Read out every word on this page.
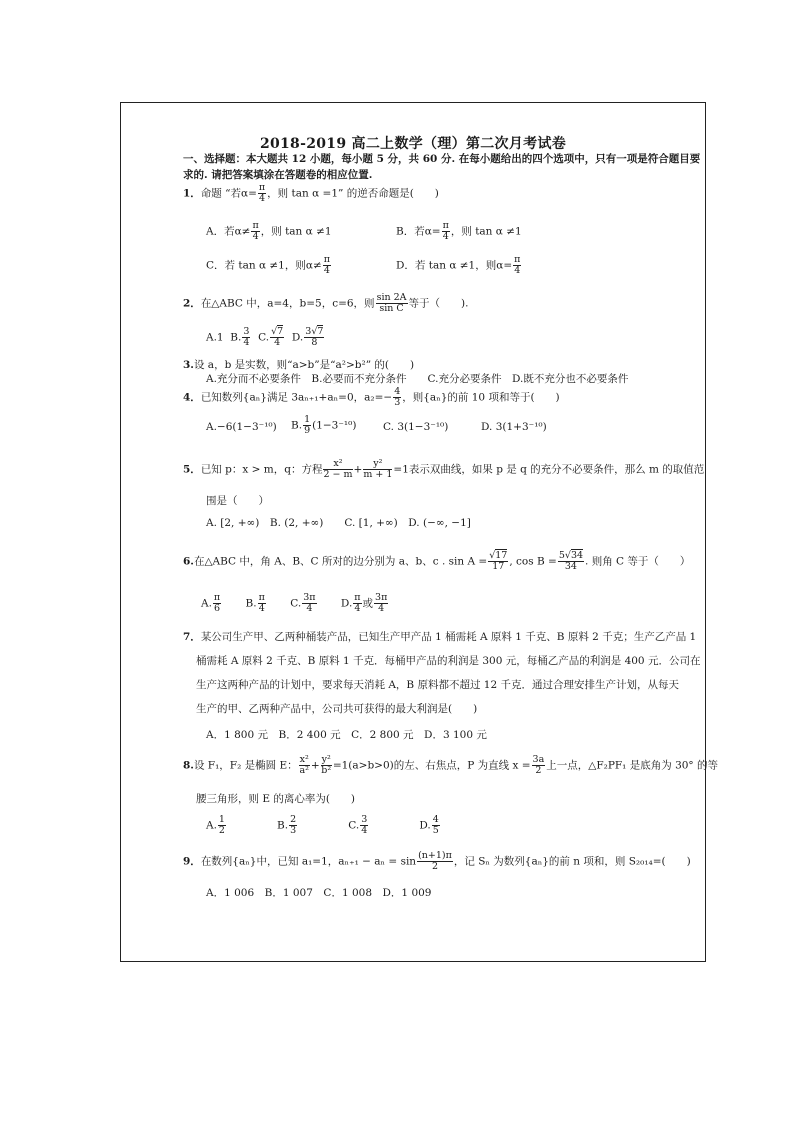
2018-2019 高二上数学（理）第二次月考试卷
一、选择题：本大题共 12 小题，每小题 5 分，共 60 分. 在每小题给出的四个选项中，只有一项是符合题目要
求的. 请把答案填涂在答题卷的相应位置.
1．命题 “若$\alpha= \frac{\pi}{4}$ ，则 tan α =1” 的逆否命题是(　　)
A．若$\alpha\ne \frac{\pi}{4}$ ，则 tan α ≠1	B．若$\alpha= \frac{\pi}{4}$ ，则 tan α ≠1
C．若 tan α ≠1，则$\alpha\ne \frac{\pi}{4}$	D．若 tan α ≠1，则$\alpha= \frac{\pi}{4}$
2．在△ABC 中，a=4，b=5，c=6，则 $\frac{\sin 2A}{\text{sin C}}$ 等于（　　).
A.1 B. $\frac{3}{4} C$. $\frac{√7}{4} D$. $\frac{3√7}{8}$
3.设 a，b 是实数，则“a>b”是“a²>b²” 的(　　)
A.充分而不必要条件　B.必要而不充分条件　　C.充分必要条件　D.既不充分也不必要条件
4．已知数列{aₙ}满足 3aₙ₊₁+aₙ=0，$a_2=- \frac{4}{3}$ ，则{aₙ}的前 10 项和等于(　　)
A.−6(1−3⁻¹⁰) B. $\frac{1}{9} (1-3^{-10})$	C. 3(1−3⁻¹⁰)	D. 3(1+3⁻¹⁰)
5．已知 p：x > m，q：方程 $\frac{\text{x²}}{2 - m} + \frac{\text{y²}}{m + 1} =1$表示双曲线，如果 p 是 q 的充分不必要条件，那么 m 的取值范
围是（　　）
A. [2, +∞)　B. (2, +∞)　　C. [1, +∞)　D. (−∞, −1]
6.在△ABC 中，角 A、B、C 所对的边分别为 a、b、c . $\sin A = \frac{√17}{17}$ , $\cos B = \frac{5√34}{34}$ . 则角 C 等于（　　）
A. $\frac{\pi}{6} B$. $\frac{\pi}{4} C$. $\frac{3\pi}{4} D$. $\frac{\pi}{4}$ 或 $\frac{3\pi}{4}$
7．某公司生产甲、乙两种桶装产品，已知生产甲产品 1 桶需耗 A 原料 1 千克、B 原料 2 千克；生产乙产品 1
桶需耗 A 原料 2 千克、B 原料 1 千克．每桶甲产品的利润是 300 元，每桶乙产品的利润是 400 元．公司在
生产这两种产品的计划中，要求每天消耗 A，B 原料都不超过 12 千克．通过合理安排生产计划，从每天
生产的甲、乙两种产品中，公司共可获得的最大利润是(　　)
A．1 800 元　B．2 400 元　C．2 800 元　D．3 100 元
8.设 F₁，F₂ 是椭圆 E： $\frac{\text{x²}}{\text{a²}} + \frac{\text{y²}}{\text{b²}} =1(a>b>0)$的左、右焦点，P 为直线 $x = \frac{3a}{2}$ 上一点，△F₂PF₁ 是底角为 30° 的等
腰三角形，则 E 的离心率为(　　)
A. $\frac{1}{2}$	B. $\frac{2}{3}$	C. $\frac{3}{4}$	D. $\frac{4}{5}$
9．在数列{aₙ}中，已知 a₁=1，$a_{n+1} - a_n = \sin \frac{(n+1)\pi}{2}$ ，记 Sₙ 为数列{aₙ}的前 n 项和，则 S₂₀₁₄=(　　)
A．1 006　B．1 007　C．1 008　D．1 009
